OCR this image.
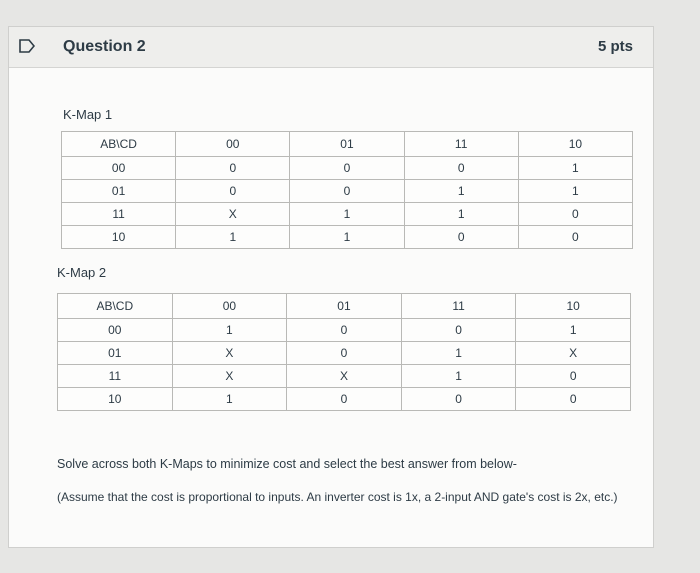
Question 2	5 pts
K-Map 1
AB\CD	00	01	11	10
00	0	0	0	1
01	0	0	1	1
11	X	1	1	0
10	1	1	0	0
K-Map 2
AB\CD	00	01	11	10
00	1	0	0	1
01	X	0	1	X
11	X	X	1	0
10	1	0	0	0
Solve across both K-Maps to minimize cost and select the best answer from below-
(Assume that the cost is proportional to inputs. An inverter cost is 1x, a 2-input AND gate's cost is 2x, etc.)
